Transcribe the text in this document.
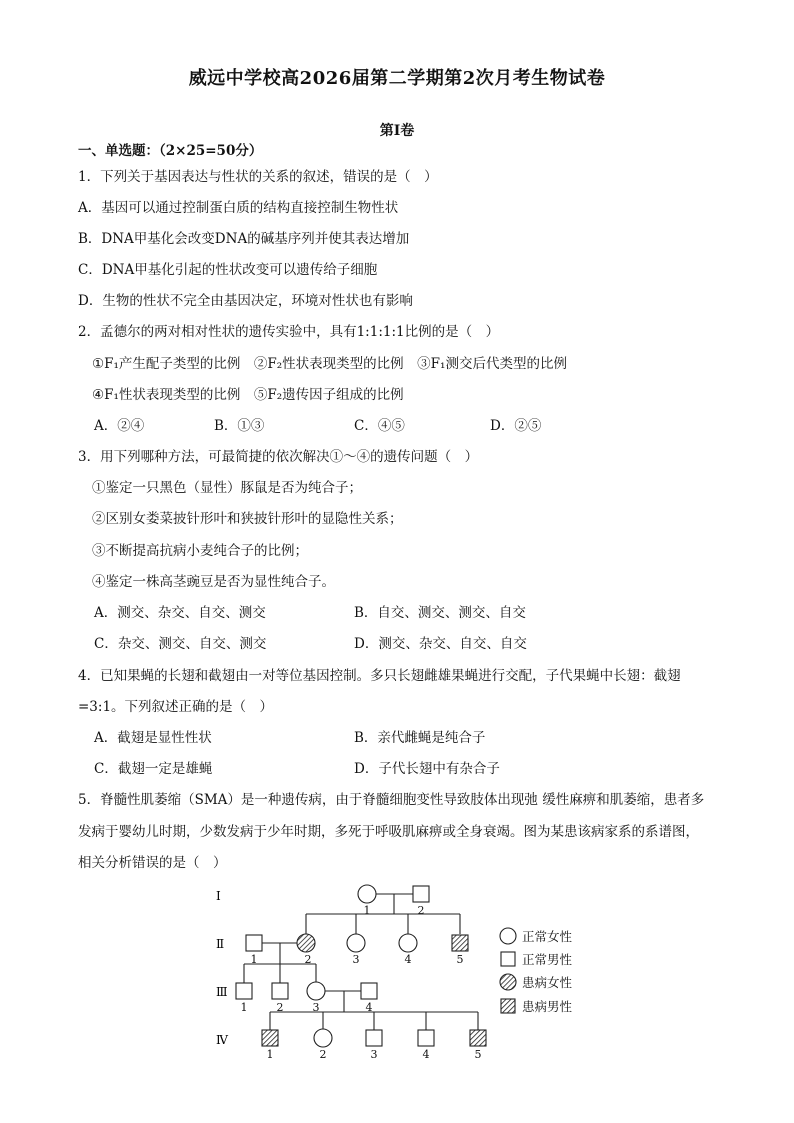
威远中学校高2026届第二学期第2次月考生物试卷
第Ⅰ卷
一、单选题：（2×25=50分）
1．下列关于基因表达与性状的关系的叙述，错误的是（　）
A．基因可以通过控制蛋白质的结构直接控制生物性状
B．DNA甲基化会改变DNA的碱基序列并使其表达增加
C．DNA甲基化引起的性状改变可以遗传给子细胞
D．生物的性状不完全由基因决定，环境对性状也有影响
2．孟德尔的两对相对性状的遗传实验中，具有1:1:1:1比例的是（　）
①F₁产生配子类型的比例　②F₂性状表现类型的比例　③F₁测交后代类型的比例
④F₁性状表现类型的比例　⑤F₂遗传因子组成的比例
A．②④	B．①③	C．④⑤	D．②⑤
3．用下列哪种方法，可最简捷的依次解决①～④的遗传问题（　）
①鉴定一只黑色（显性）豚鼠是否为纯合子；
②区别女娄菜披针形叶和狭披针形叶的显隐性关系；
③不断提高抗病小麦纯合子的比例；
④鉴定一株高茎豌豆是否为显性纯合子。
A．测交、杂交、自交、测交	B．自交、测交、测交、自交
C．杂交、测交、自交、测交	D．测交、杂交、自交、自交
4．已知果蝇的长翅和截翅由一对等位基因控制。多只长翅雌雄果蝇进行交配，子代果蝇中长翅：截翅
=3:1。下列叙述正确的是（　）
A．截翅是显性性状	B．亲代雌蝇是纯合子
C．截翅一定是雄蝇	D．子代长翅中有杂合子
5．脊髓性肌萎缩（SMA）是一种遗传病，由于脊髓细胞变性导致肢体出现弛 缓性麻痹和肌萎缩，患者多
发病于婴幼儿时期，少数发病于少年时期，多死于呼吸肌麻痹或全身衰竭。图为某患该病家系的系谱图，
相关分析错误的是（　）
Ⅰ
Ⅱ
Ⅲ
Ⅳ
1	2
1	2	3	4	5
1	2	3	4
1	2	3	4	5
正常女性
正常男性
患病女性
患病男性
